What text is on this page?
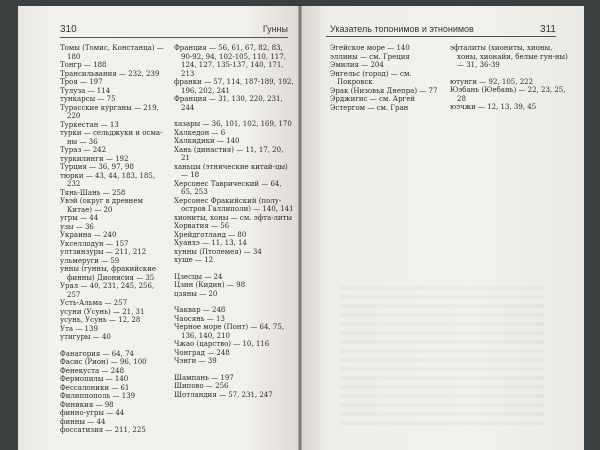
310	Гунны
Томы (Томис, Констанца) — 180
Тонгр — 188
Трансильвания — 232, 239
Троя — 197
Тулуза — 114
тункарсы — 75
Турасские курганы — 219, 220
Туркестан — 13
турки — сельджуки и осма-ны — 36
Тураз — 242
туркилинги — 192
Турция — 36, 97, 98
тюрки — 43, 44, 183, 185, 232
Тянь-Шань — 258
Увэй (округ в древнем Китае) — 20
угры — 44
узы — 36
Украина — 240
Укселлодун — 157
ултзинзуры — 211, 212
ульмеруги — 59
унны (гунны, фракийские финны) Дионисия — 35
Урал — 40, 231, 245, 256, 257
Усть-Альма — 257
усуни (Усунь) — 21, 31
усунь, Усунь — 12, 28
Ута — 139
утигуры — 40
Фанагория — 64, 74
Фасис (Рион) — 96, 100
Фенекуста — 248
Фермопилы — 140
Фессалоники — 61
Филиппополь — 139
Финикия — 98
финно-угры — 44
финны — 44
фоссатизия — 211, 225
Франция — 56, 61, 67, 82, 83, 90-92, 94, 102-105, 110, 117, 124, 127, 135-137, 140, 171, 213
франки — 57, 114, 187-189, 192, 196, 202, 241
Франция — 31, 130, 220, 231, 244
хазары — 36, 101, 102, 169, 170
Халкедон — 6
Халкидики — 140
Хань (династия) — 11, 17, 20, 21
ханьцы (этнические китай-цы) — 18
Херсонес Таврический — 64, 65, 253
Херсонес Фракийский (полу-остров Галлиполи) — 140, 141
хиониты, хоны — см. эфта-литы
Хорватия — 56
Хрейдготланд — 80
Хуанхэ — 11, 13, 14
хунны (Птолемея) — 34
хуше — 12
Цзесцы — 24
Цзин (Кидин) — 98
цзяны — 20
Чаквар — 248
Чаосянь — 13
Черное море (Понт) — 64, 75, 136, 140, 210
Чжао (царство) — 10, 116
Чонград — 248
Чэнги — 39
Шампань — 197
Шипово — 256
Шотландия — 57, 231, 247
Указатель топонимов и этнонимов	311
Эгейское море — 140
эллины — см. Греция
Эмилия — 204
Энгельс (город) — см. Покровск
Эрак (Низовья Днепра) — 77
Эрджигис — см. Аргей
Эстергом — см. Гран
эфталиты (хиониты, хионы, хоны, хионайи, белые гун-ны) — 31, 36-39
ютунги — 92, 105, 222
Юэбань (Юебань) — 22, 23, 25, 28
юэчжи — 12, 13, 39, 45
